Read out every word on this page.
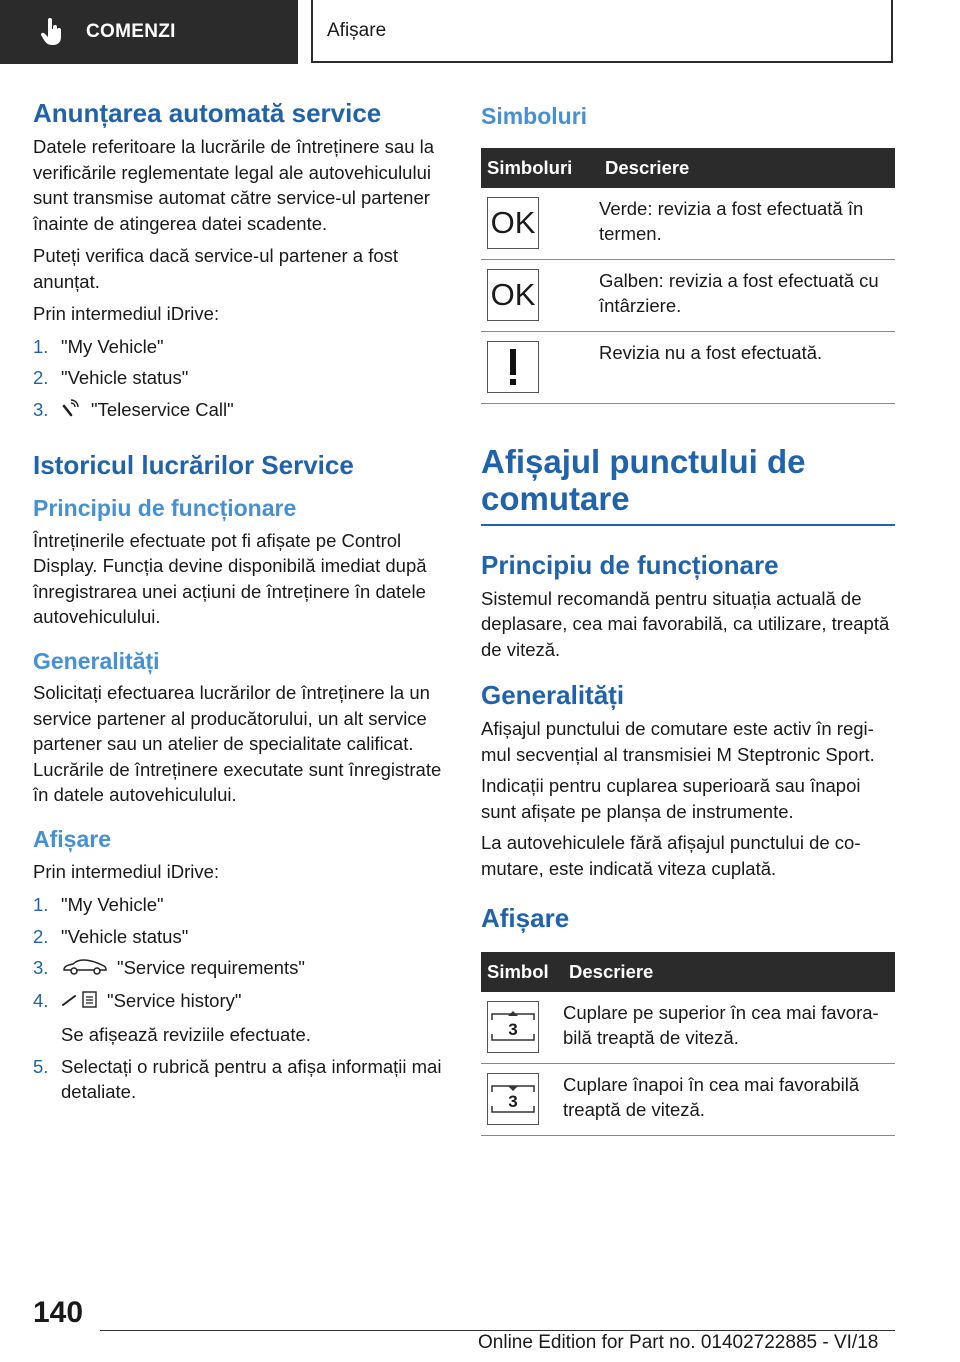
COMENZI	Afișare
Anunțarea automată service

Datele referitoare la lucrările de întreținere sau la verificările reglementate legal ale autovehiculului sunt transmise automat către service-ul partener înainte de atingerea datei scadente.

Puteți verifica dacă service-ul partener a fost anunțat.

Prin intermediul iDrive:

1. "My Vehicle"
2. "Vehicle status"
3.	"Teleservice Call"
Istoricul lucrărilor Service
Principiu de funcționare

Întreținerile efectuate pot fi afișate pe Control Display. Funcția devine disponibilă imediat după înregistrarea unei acțiuni de întreținere în datele autovehiculului.

Generalități

Solicitați efectuarea lucrărilor de întreținere la un service partener al producătorului, un alt service partener sau un atelier de specialitate calificat. Lucrările de întreținere executate sunt înregistrate în datele autovehiculului.

Afișare

Prin intermediul iDrive:

1. "My Vehicle"
2. "Vehicle status"
3.	"Service requirements"
4.	"Service history"
Se afișează reviziile efectuate.
5. Selectați o rubrică pentru a afișa informații mai detaliate.
Simboluri
Simboluri	Descriere

OK	Verde: revizia a fost efectuată în termen.

OK	Galben: revizia a fost efectuată cu întârziere.

	Revizia nu a fost efectuată.
Afișajul punctului de comutare
Principiu de funcționare

Sistemul recomandă pentru situația actuală de deplasare, cea mai favorabilă, ca utilizare, treaptă de viteză.

Generalități

Afișajul punctului de comutare este activ în regimul secvențial al transmisiei M Steptronic Sport.

Indicații pentru cuplarea superioară sau înapoi sunt afișate pe planșa de instrumente.

La autovehiculele fără afișajul punctului de comutare, este indicată viteza cuplată.

Afișare
Simbol	Descriere

3	Cuplare pe superior în cea mai favorabilă treaptă de viteză.

3	Cuplare înapoi în cea mai favorabilă treaptă de viteză.
140
Online Edition for Part no. 01402722885 - VI/18
